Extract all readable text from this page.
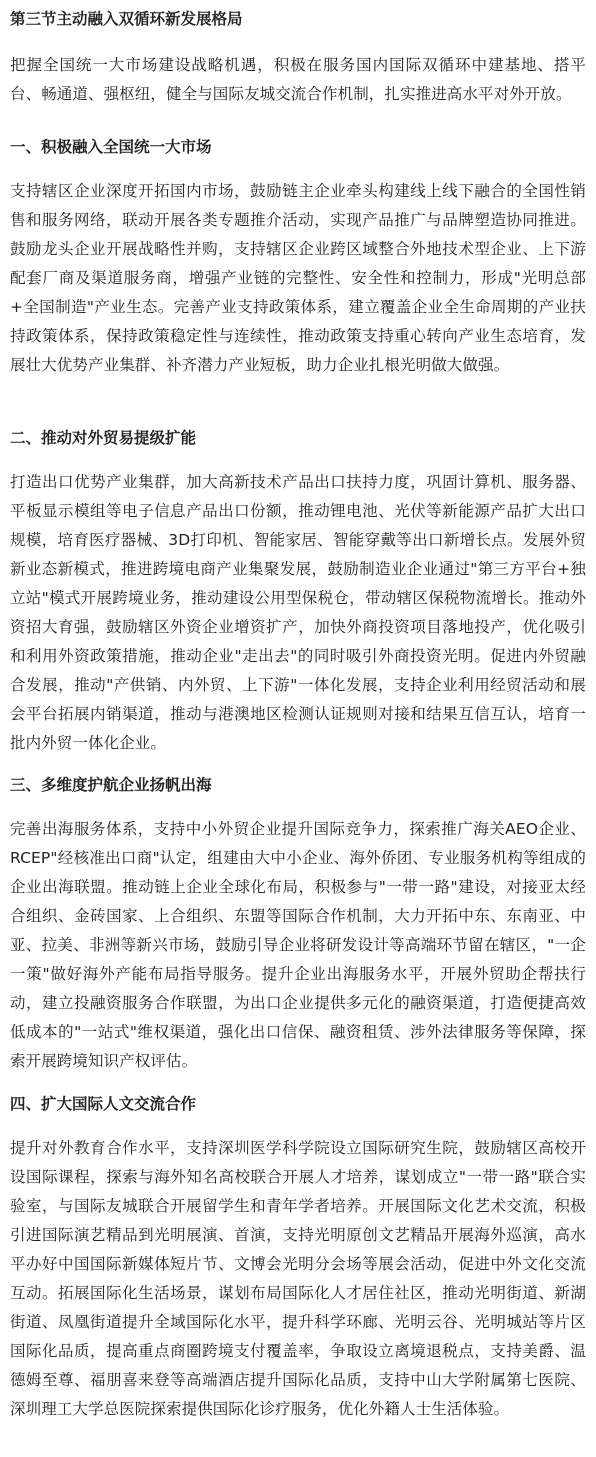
第三节主动融入双循环新发展格局

把握全国统一大市场建设战略机遇，积极在服务国内国际双循环中建基地、搭平台、畅通道、强枢纽，健全与国际友城交流合作机制，扎实推进高水平对外开放。

一、积极融入全国统一大市场

支持辖区企业深度开拓国内市场，鼓励链主企业牵头构建线上线下融合的全国性销售和服务网络，联动开展各类专题推介活动，实现产品推广与品牌塑造协同推进。鼓励龙头企业开展战略性并购，支持辖区企业跨区域整合外地技术型企业、上下游配套厂商及渠道服务商，增强产业链的完整性、安全性和控制力，形成"光明总部+全国制造"产业生态。完善产业支持政策体系，建立覆盖企业全生命周期的产业扶持政策体系，保持政策稳定性与连续性，推动政策支持重心转向产业生态培育，发展壮大优势产业集群、补齐潜力产业短板，助力企业扎根光明做大做强。

二、推动对外贸易提级扩能

打造出口优势产业集群，加大高新技术产品出口扶持力度，巩固计算机、服务器、平板显示模组等电子信息产品出口份额，推动锂电池、光伏等新能源产品扩大出口规模，培育医疗器械、3D打印机、智能家居、智能穿戴等出口新增长点。发展外贸新业态新模式，推进跨境电商产业集聚发展，鼓励制造业企业通过"第三方平台+独立站"模式开展跨境业务，推动建设公用型保税仓，带动辖区保税物流增长。推动外资招大育强，鼓励辖区外资企业增资扩产，加快外商投资项目落地投产，优化吸引和利用外资政策措施，推动企业"走出去"的同时吸引外商投资光明。促进内外贸融合发展，推动"产供销、内外贸、上下游"一体化发展，支持企业利用经贸活动和展会平台拓展内销渠道，推动与港澳地区检测认证规则对接和结果互信互认，培育一批内外贸一体化企业。

三、多维度护航企业扬帆出海

完善出海服务体系，支持中小外贸企业提升国际竞争力，探索推广海关AEO企业、RCEP"经核准出口商"认定，组建由大中小企业、海外侨团、专业服务机构等组成的企业出海联盟。推动链上企业全球化布局，积极参与"一带一路"建设，对接亚太经合组织、金砖国家、上合组织、东盟等国际合作机制，大力开拓中东、东南亚、中亚、拉美、非洲等新兴市场，鼓励引导企业将研发设计等高端环节留在辖区，"一企一策"做好海外产能布局指导服务。提升企业出海服务水平，开展外贸助企帮扶行动，建立投融资服务合作联盟，为出口企业提供多元化的融资渠道，打造便捷高效低成本的"一站式"维权渠道，强化出口信保、融资租赁、涉外法律服务等保障，探索开展跨境知识产权评估。

四、扩大国际人文交流合作

提升对外教育合作水平，支持深圳医学科学院设立国际研究生院，鼓励辖区高校开设国际课程，探索与海外知名高校联合开展人才培养，谋划成立"一带一路"联合实验室，与国际友城联合开展留学生和青年学者培养。开展国际文化艺术交流，积极引进国际演艺精品到光明展演、首演，支持光明原创文艺精品开展海外巡演，高水平办好中国国际新媒体短片节、文博会光明分会场等展会活动，促进中外文化交流互动。拓展国际化生活场景，谋划布局国际化人才居住社区，推动光明街道、新湖街道、凤凰街道提升全域国际化水平，提升科学环廊、光明云谷、光明城站等片区国际化品质，提高重点商圈跨境支付覆盖率，争取设立离境退税点，支持美爵、温德姆至尊、福朋喜来登等高端酒店提升国际化品质，支持中山大学附属第七医院、深圳理工大学总医院探索提供国际化诊疗服务，优化外籍人士生活体验。
